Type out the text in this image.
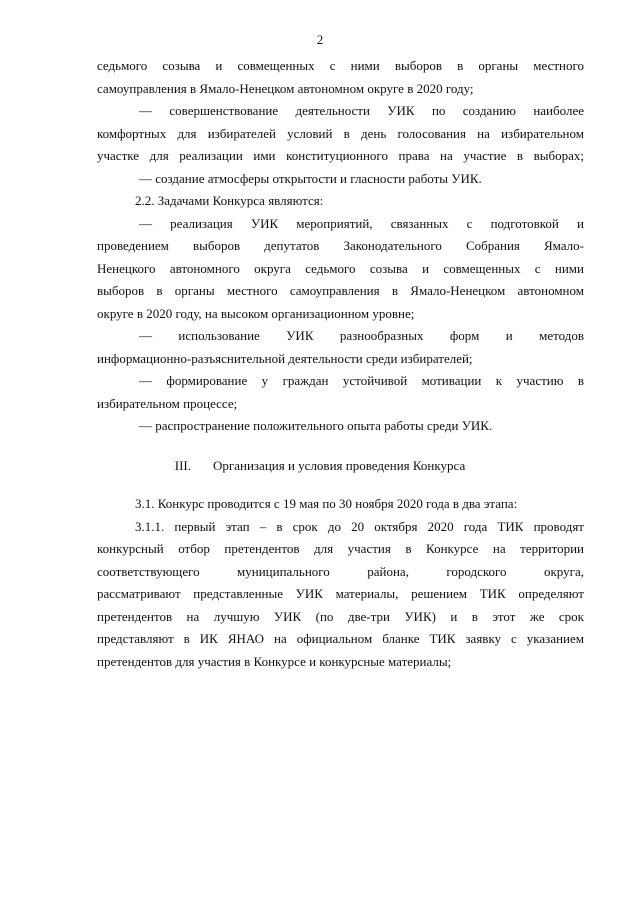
2
седьмого созыва и совмещенных с ними выборов в органы местного
самоуправления в Ямало-Ненецком автономном округе в 2020 году;
— совершенствование деятельности УИК по созданию наиболее
комфортных для избирателей условий в день голосования на избирательном
участке для реализации ими конституционного права на участие в выборах;
— создание атмосферы открытости и гласности работы УИК.
2.2. Задачами Конкурса являются:
— реализация УИК мероприятий, связанных с подготовкой и
проведением выборов депутатов Законодательного Собрания Ямало-
Ненецкого автономного округа седьмого созыва и совмещенных с ними
выборов в органы местного самоуправления в Ямало-Ненецком автономном
округе в 2020 году, на высоком организационном уровне;
— использование УИК разнообразных форм и методов
информационно-разъяснительной деятельности среди избирателей;
— формирование у граждан устойчивой мотивации к участию в
избирательном процессе;
— распространение положительного опыта работы среди УИК.
III. Организация и условия проведения Конкурса
3.1. Конкурс проводится с 19 мая по 30 ноября 2020 года в два этапа:
3.1.1. первый этап – в срок до 20 октября 2020 года ТИК проводят
конкурсный отбор претендентов для участия в Конкурсе на территории
соответствующего муниципального района, городского округа,
рассматривают представленные УИК материалы, решением ТИК определяют
претендентов на лучшую УИК (по две-три УИК) и в этот же срок
представляют в ИК ЯНАО на официальном бланке ТИК заявку с указанием
претендентов для участия в Конкурсе и конкурсные материалы;
